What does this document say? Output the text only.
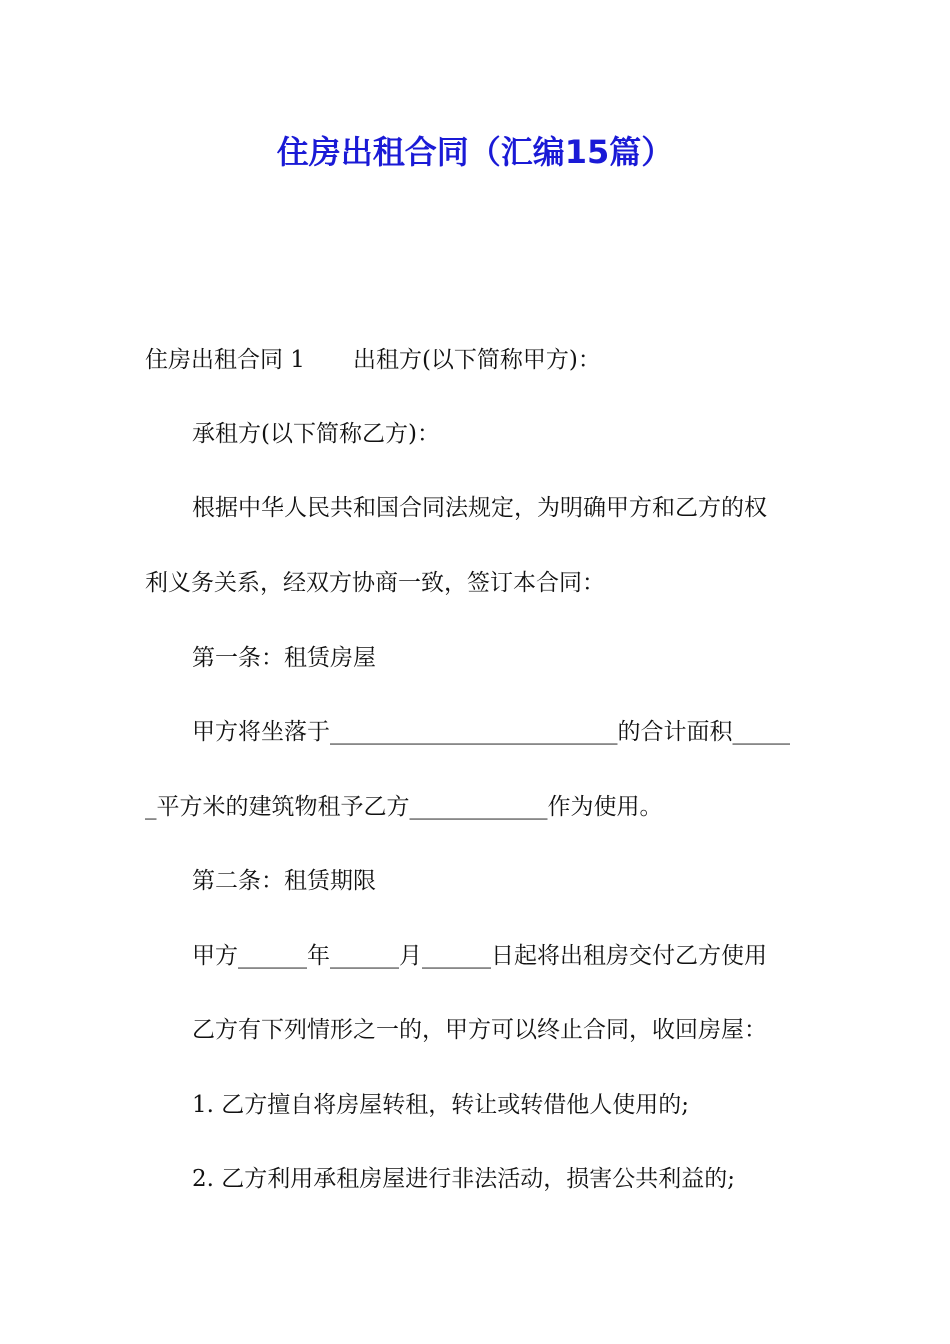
住房出租合同（汇编15篇）

住房出租合同 1 出租方(以下简称甲方)：

承租方(以下简称乙方)：

根据中华人民共和国合同法规定，为明确甲方和乙方的权

利义务关系，经双方协商一致，签订本合同：

第一条：租赁房屋

甲方将坐落于_________________________的合计面积_____

_平方米的建筑物租予乙方____________作为使用。

第二条：租赁期限

甲方______年______月______日起将出租房交付乙方使用

乙方有下列情形之一的，甲方可以终止合同，收回房屋：

1. 乙方擅自将房屋转租，转让或转借他人使用的;

2. 乙方利用承租房屋进行非法活动，损害公共利益的;
